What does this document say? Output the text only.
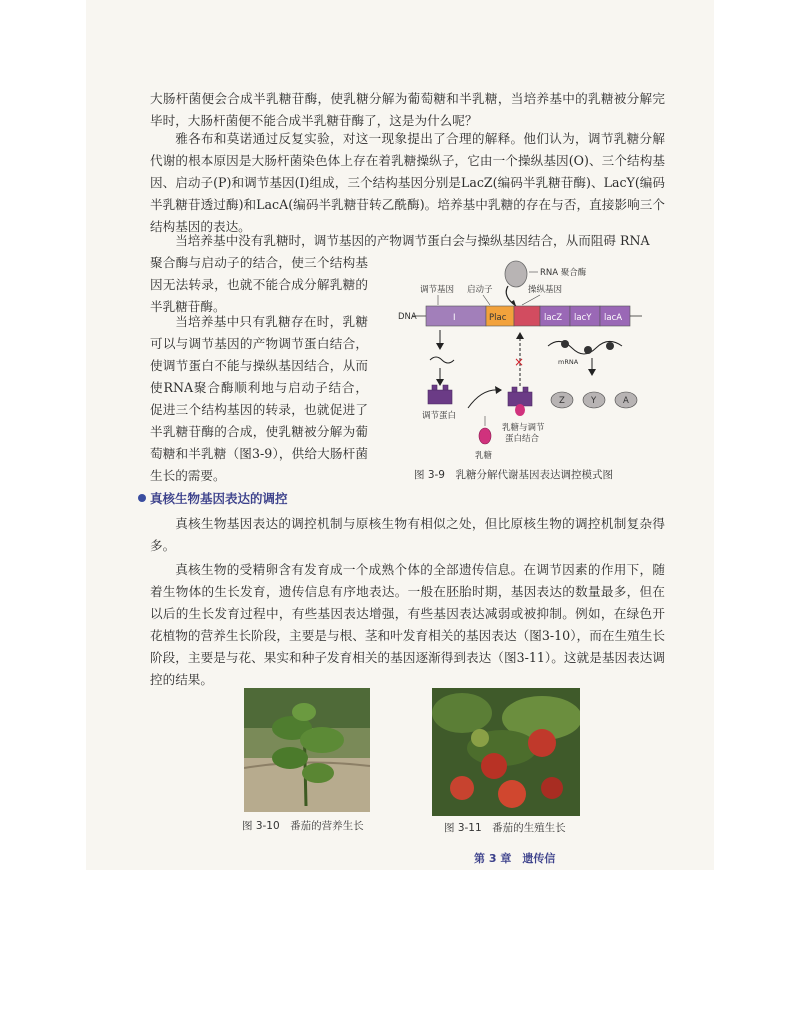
大肠杆菌便会合成半乳糖苷酶，使乳糖分解为葡萄糖和半乳糖，当培养基中的乳糖被分解完毕时，大肠杆菌便不能合成半乳糖苷酶了，这是为什么呢？

雅各布和莫诺通过反复实验，对这一现象提出了合理的解释。他们认为，调节乳糖分解代谢的根本原因是大肠杆菌染色体上存在着乳糖操纵子，它由一个操纵基因(O)、三个结构基因、启动子(P)和调节基因(I)组成，三个结构基因分别是LacZ(编码半乳糖苷酶)、LacY(编码半乳糖苷透过酶)和LacA(编码半乳糖苷转乙酰酶)。培养基中乳糖的存在与否，直接影响三个结构基因的表达。

当培养基中没有乳糖时，调节基因的产物调节蛋白会与操纵基因结合，从而阻碍 RNA

聚合酶与启动子的结合，使三个结构基因无法转录，也就不能合成分解乳糖的半乳糖苷酶。

当培养基中只有乳糖存在时，乳糖可以与调节基因的产物调节蛋白结合，使调节蛋白不能与操纵基因结合，从而使RNA聚合酶顺利地与启动子结合，促进三个结构基因的转录，也就促进了半乳糖苷酶的合成，使乳糖被分解为葡萄糖和半乳糖（图3-9），供给大肠杆菌生长的需要。

RNA 聚合酶
调节基因 启动子	操纵基因
DNA	I	Plac	lacZ lacY lacA
调节蛋白
乳糖
乳糖与调节
蛋白结合
×	mRNA
Z	Y	A
图 3-9　乳糖分解代谢基因表达调控模式图
真核生物基因表达的调控

真核生物基因表达的调控机制与原核生物有相似之处，但比原核生物的调控机制复杂得多。

真核生物的受精卵含有发育成一个成熟个体的全部遗传信息。在调节因素的作用下，随着生物体的生长发育，遗传信息有序地表达。一般在胚胎时期，基因表达的数量最多，但在以后的生长发育过程中，有些基因表达增强，有些基因表达减弱或被抑制。例如，在绿色开花植物的营养生长阶段，主要是与根、茎和叶发育相关的基因表达（图3-10），而在生殖生长阶段，主要是与花、果实和种子发育相关的基因逐渐得到表达（图3-11）。这就是基因表达调控的结果。

图 3-10　番茄的营养生长	图 3-11　番茄的生殖生长
第 3 章　遗传信
